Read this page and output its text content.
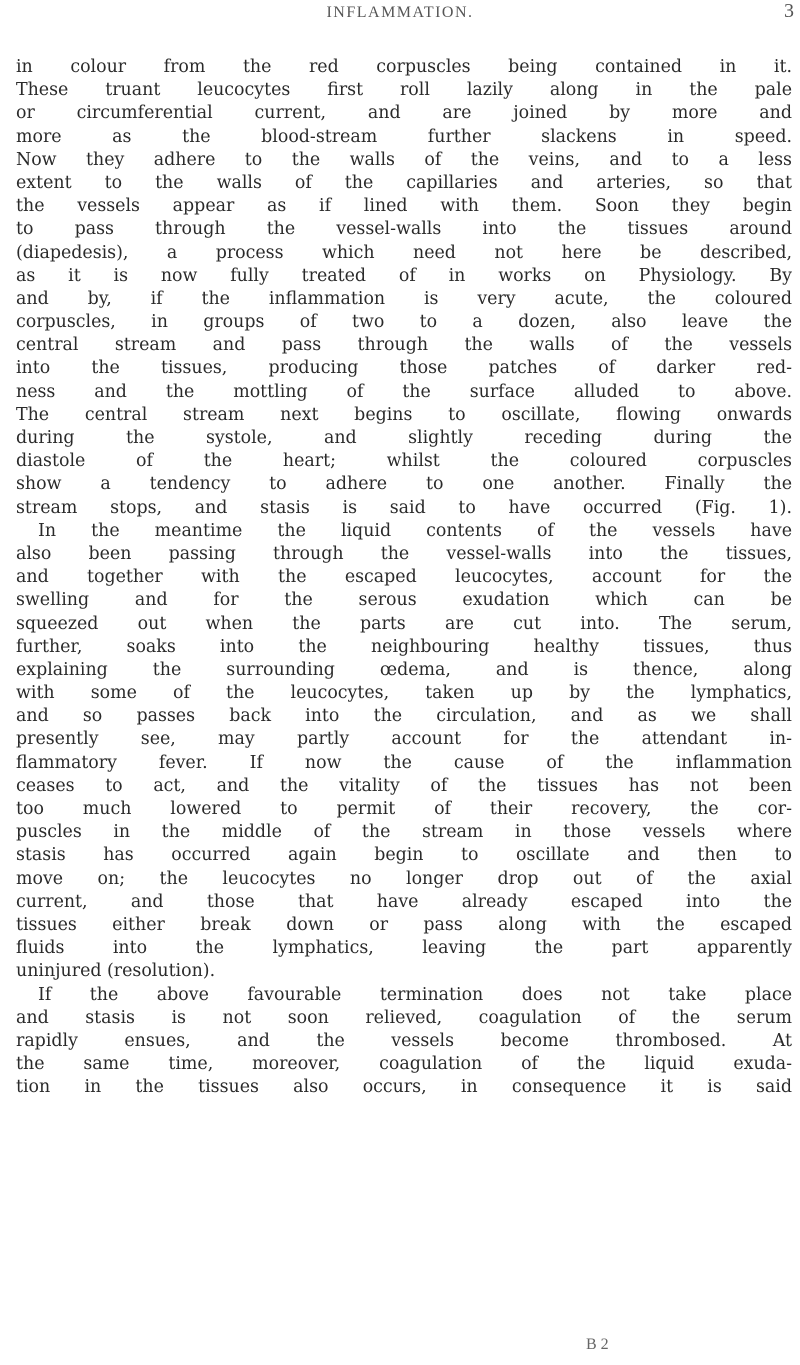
INFLAMMATION.	3
in colour from the red corpuscles being contained in it.
These truant leucocytes first roll lazily along in the pale
or circumferential current, and are joined by more and
more as the blood-stream further slackens in speed.
Now they adhere to the walls of the veins, and to a less
extent to the walls of the capillaries and arteries, so that
the vessels appear as if lined with them. Soon they begin
to pass through the vessel-walls into the tissues around
(diapedesis), a process which need not here be described,
as it is now fully treated of in works on Physiology. By
and by, if the inflammation is very acute, the coloured
corpuscles, in groups of two to a dozen, also leave the
central stream and pass through the walls of the vessels
into the tissues, producing those patches of darker red-
ness and the mottling of the surface alluded to above.
The central stream next begins to oscillate, flowing onwards
during the systole, and slightly receding during the
diastole of the heart; whilst the coloured corpuscles
show a tendency to adhere to one another. Finally the
stream stops, and stasis is said to have occurred (Fig. 1).
In the meantime the liquid contents of the vessels have
also been passing through the vessel-walls into the tissues,
and together with the escaped leucocytes, account for the
swelling and for the serous exudation which can be
squeezed out when the parts are cut into. The serum,
further, soaks into the neighbouring healthy tissues, thus
explaining the surrounding œdema, and is thence, along
with some of the leucocytes, taken up by the lymphatics,
and so passes back into the circulation, and as we shall
presently see, may partly account for the attendant in-
flammatory fever. If now the cause of the inflammation
ceases to act, and the vitality of the tissues has not been
too much lowered to permit of their recovery, the cor-
puscles in the middle of the stream in those vessels where
stasis has occurred again begin to oscillate and then to
move on; the leucocytes no longer drop out of the axial
current, and those that have already escaped into the
tissues either break down or pass along with the escaped
fluids into the lymphatics, leaving the part apparently
uninjured (resolution).
If the above favourable termination does not take place
and stasis is not soon relieved, coagulation of the serum
rapidly ensues, and the vessels become thrombosed. At
the same time, moreover, coagulation of the liquid exuda-
tion in the tissues also occurs, in consequence it is said
B 2
